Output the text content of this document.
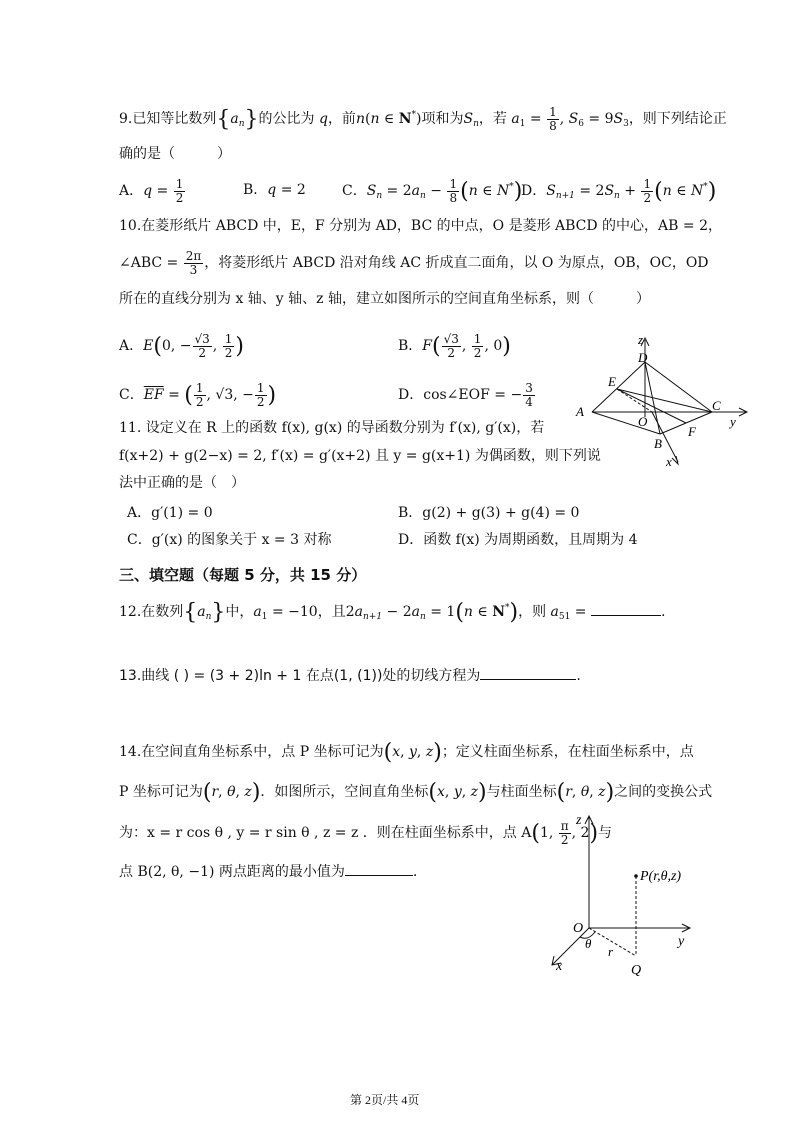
9.已知等比数列$\{a_n\}$的公比为 q，前n(n ∈ N*)项和为$S_n$，若 $a_1 = \frac{1}{8}$ , $S_6 = 9S_3$，则下列结论正
确的是（　　　）
A．$q = \frac{1}{2}$	B．q = 2	C．$S_n = 2a_n - \frac{1}{8} (n$ ∈ N*)
D．$S_{n+1} = 2S_n + \frac{1}{2} (n$ ∈ N*)
10.在菱形纸片 ABCD 中，E，F 分别为 AD，BC 的中点，O 是菱形 ABCD 的中心，AB = 2，
∠ABC = $\frac{2\pi}{3}$ ，将菱形纸片 ABCD 沿对角线 AC 折成直二面角，以 O 为原点，OB，OC，OD
所在的直线分别为 x 轴、y 轴、z 轴，建立如图所示的空间直角坐标系，则（　　　）
A．E(0, − $\frac{√3}{2}$ , $\frac{1}{2}$ )	B．$F( \frac{√3}{2}$ , $\frac{1}{2}$ , 0)
C．$\overline{EF}$ = ( $\frac{1}{2}$ , √3, − $\frac{1}{2}$ )	D．cos∠EOF = − $\frac{3}{4}$
z
D
E
A
O
C
y
F
B
x
11. 设定义在 R 上的函数 f(x), g(x) 的导函数分别为 f′(x), g′(x)，若
f(x+2) + g(2−x) = 2, f′(x) = g′(x+2) 且 y = g(x+1) 为偶函数，则下列说
法中正确的是（　）
A．g′(1) = 0	B．g(2) + g(3) + g(4) = 0
C．g′(x) 的图象关于 x = 3 对称	D．函数 f(x) 为周期函数，且周期为 4
三、填空题（每题 5 分，共 15 分）
12.在数列$\{a_n\}$中，$a_1 = -10$，且$2a_{n+1} - 2a_n = 1(n$ ∈ N*)，则 $a_{51}$ =	.
13.曲线 ( ) = (3 + 2)ln + 1 在点(1, (1))处的切线方程为	.
14.在空间直角坐标系中，点 P 坐标可记为(x, y, z)；定义柱面坐标系，在柱面坐标系中，点
P 坐标可记为(r, θ, z)．如图所示，空间直角坐标(x, y, z)与柱面坐标(r, θ, z)之间的变换公式
为：x = r cos θ , y = r sin θ , z = z ．则在柱面坐标系中，点 A(1, $\frac{\pi}{2}$ , 2)与
点 B(2, θ, −1) 两点距离的最小值为	.
z
P(r,θ,z)
O
θ	y
r
x	Q
第 2页/共 4页
